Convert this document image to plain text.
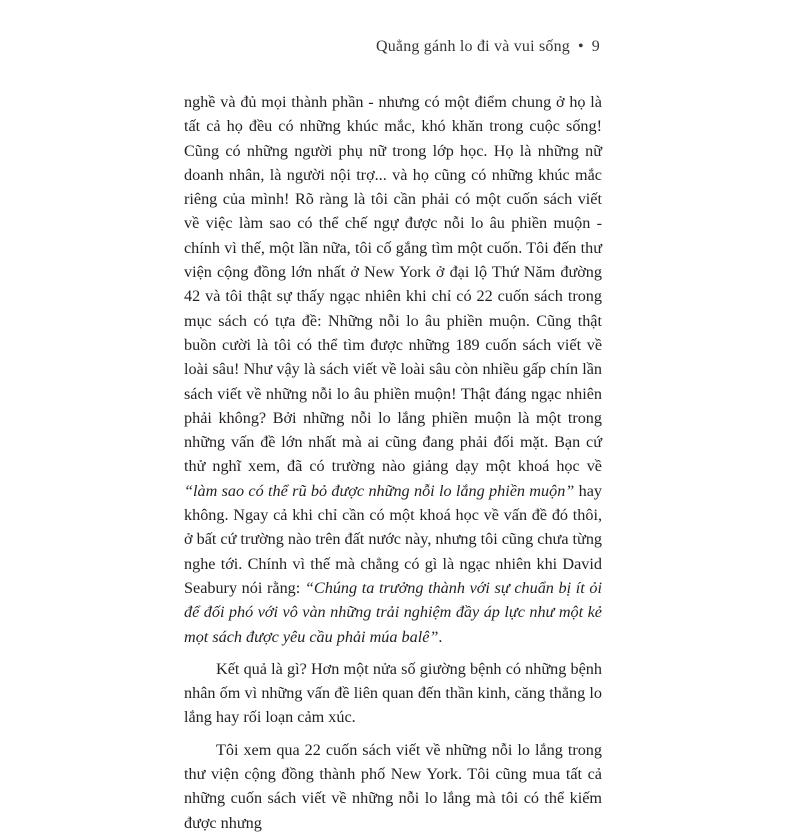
Quẳng gánh lo đi và vui sống • 9

nghề và đủ mọi thành phần - nhưng có một điểm chung ở họ là tất cả họ đều có những khúc mắc, khó khăn trong cuộc sống! Cũng có những người phụ nữ trong lớp học. Họ là những nữ doanh nhân, là người nội trợ... và họ cũng có những khúc mắc riêng của mình! Rõ ràng là tôi cần phải có một cuốn sách viết về việc làm sao có thể chế ngự được nỗi lo âu phiền muộn - chính vì thế, một lần nữa, tôi cố gắng tìm một cuốn. Tôi đến thư viện cộng đồng lớn nhất ở New York ở đại lộ Thứ Năm đường 42 và tôi thật sự thấy ngạc nhiên khi chỉ có 22 cuốn sách trong mục sách có tựa đề: Những nỗi lo âu phiền muộn. Cũng thật buồn cười là tôi có thể tìm được những 189 cuốn sách viết về loài sâu! Như vậy là sách viết về loài sâu còn nhiều gấp chín lần sách viết về những nỗi lo âu phiền muộn! Thật đáng ngạc nhiên phải không? Bởi những nỗi lo lắng phiền muộn là một trong những vấn đề lớn nhất mà ai cũng đang phải đối mặt. Bạn cứ thử nghĩ xem, đã có trường nào giảng dạy một khoá học về “làm sao có thể rũ bỏ được những nỗi lo lắng phiền muộn” hay không. Ngay cả khi chỉ cần có một khoá học về vấn đề đó thôi, ở bất cứ trường nào trên đất nước này, nhưng tôi cũng chưa từng nghe tới. Chính vì thế mà chẳng có gì là ngạc nhiên khi David Seabury nói rằng: “Chúng ta trưởng thành với sự chuẩn bị ít ỏi để đối phó với vô vàn những trải nghiệm đầy áp lực như một kẻ mọt sách được yêu cầu phải múa balê”.

Kết quả là gì? Hơn một nửa số giường bệnh có những bệnh nhân ốm vì những vấn đề liên quan đến thần kinh, căng thẳng lo lắng hay rối loạn cảm xúc.

Tôi xem qua 22 cuốn sách viết về những nỗi lo lắng trong thư viện cộng đồng thành phố New York. Tôi cũng mua tất cả những cuốn sách viết về những nỗi lo lắng mà tôi có thể kiếm được nhưng
